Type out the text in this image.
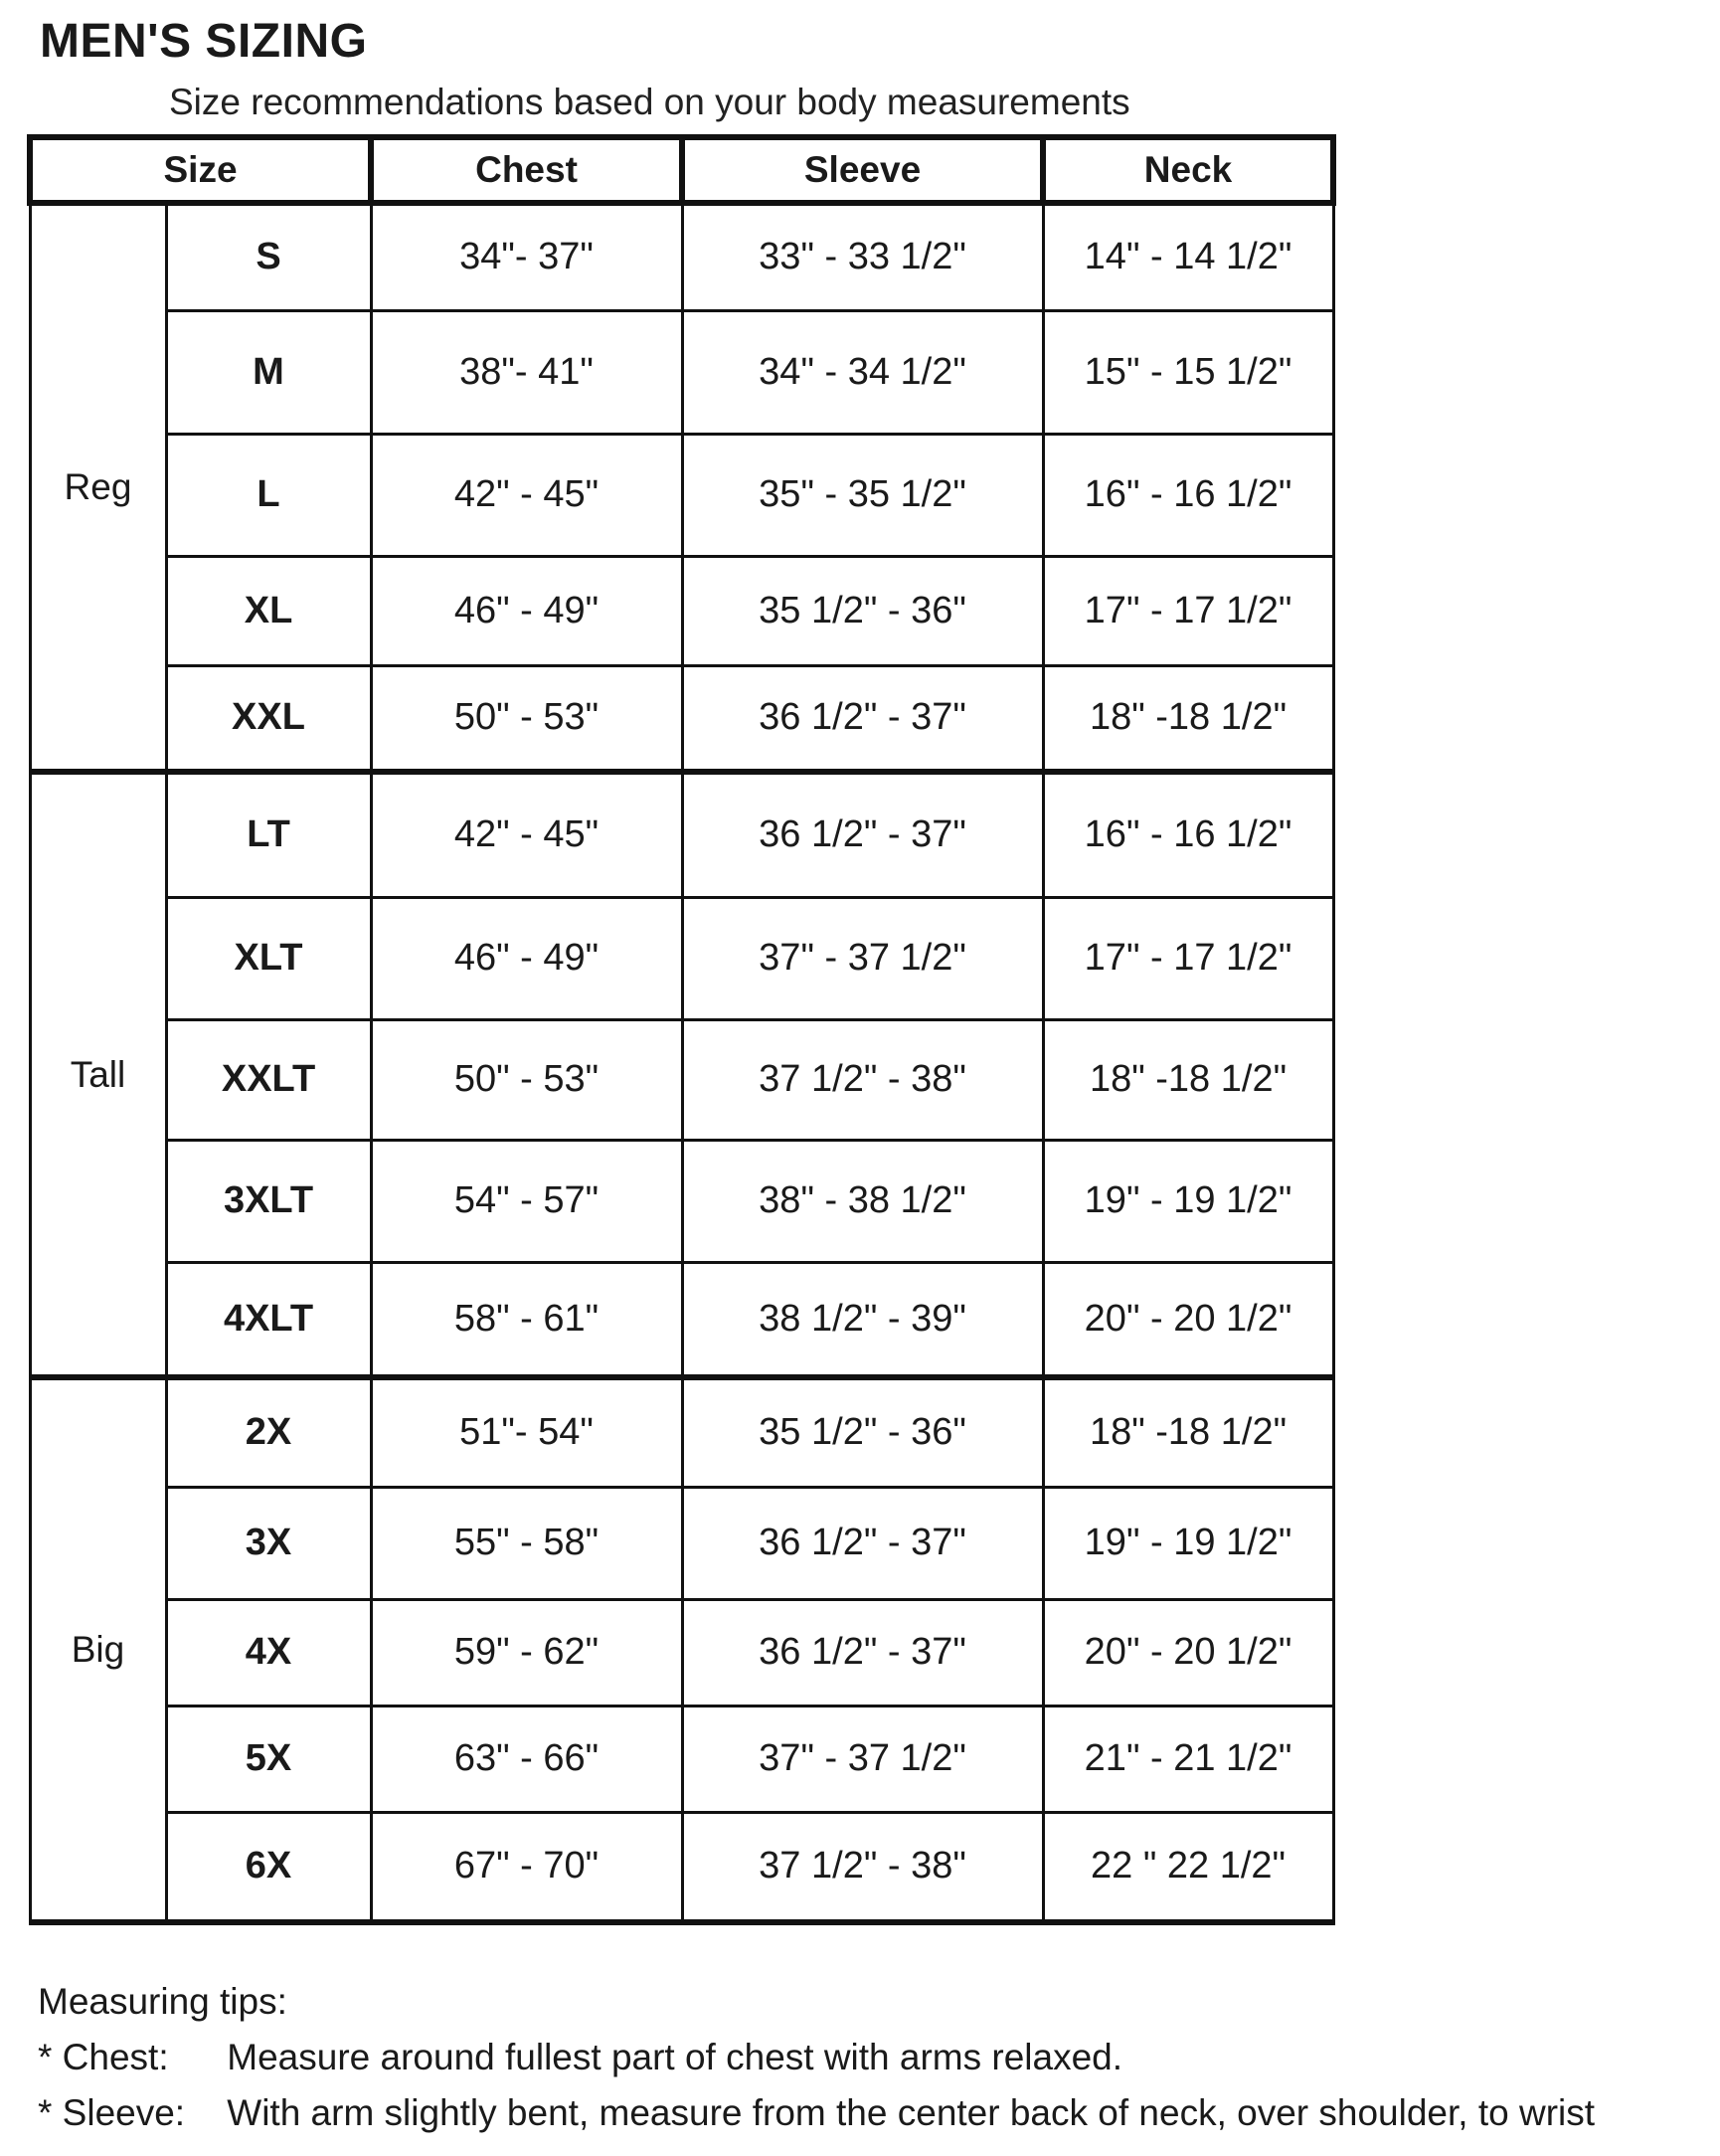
MEN'S SIZING
Size recommendations based on your body measurements
Size		Chest	Sleeve	Neck
Reg	S	34"- 37"	33" - 33 1/2"	14" - 14 1/2"
	M	38"- 41"	34" - 34 1/2"	15" - 15 1/2"
	L	42" - 45"	35" - 35 1/2"	16" - 16 1/2"
	XL	46" - 49"	35 1/2" - 36"	17" - 17 1/2"
	XXL	50" - 53"	36 1/2" - 37"	18" -18 1/2"
Tall	LT	42" - 45"	36 1/2" - 37"	16" - 16 1/2"
	XLT	46" - 49"	37" - 37 1/2"	17" - 17 1/2"
	XXLT	50" - 53"	37 1/2" - 38"	18" -18 1/2"
	3XLT	54" - 57"	38" - 38 1/2"	19" - 19 1/2"
	4XLT	58" - 61"	38 1/2" - 39"	20" - 20 1/2"
Big	2X	51"- 54"	35 1/2" - 36"	18" -18 1/2"
	3X	55" - 58"	36 1/2" - 37"	19" - 19 1/2"
	4X	59" - 62"	36 1/2" - 37"	20" - 20 1/2"
	5X	63" - 66"	37" - 37 1/2"	21" - 21 1/2"
	6X	67" - 70"	37 1/2" - 38"	22 " 22 1/2"
Measuring tips:
* Chest: Measure around fullest part of chest with arms relaxed.
* Sleeve: With arm slightly bent, measure from the center back of neck, over shoulder, to wrist
